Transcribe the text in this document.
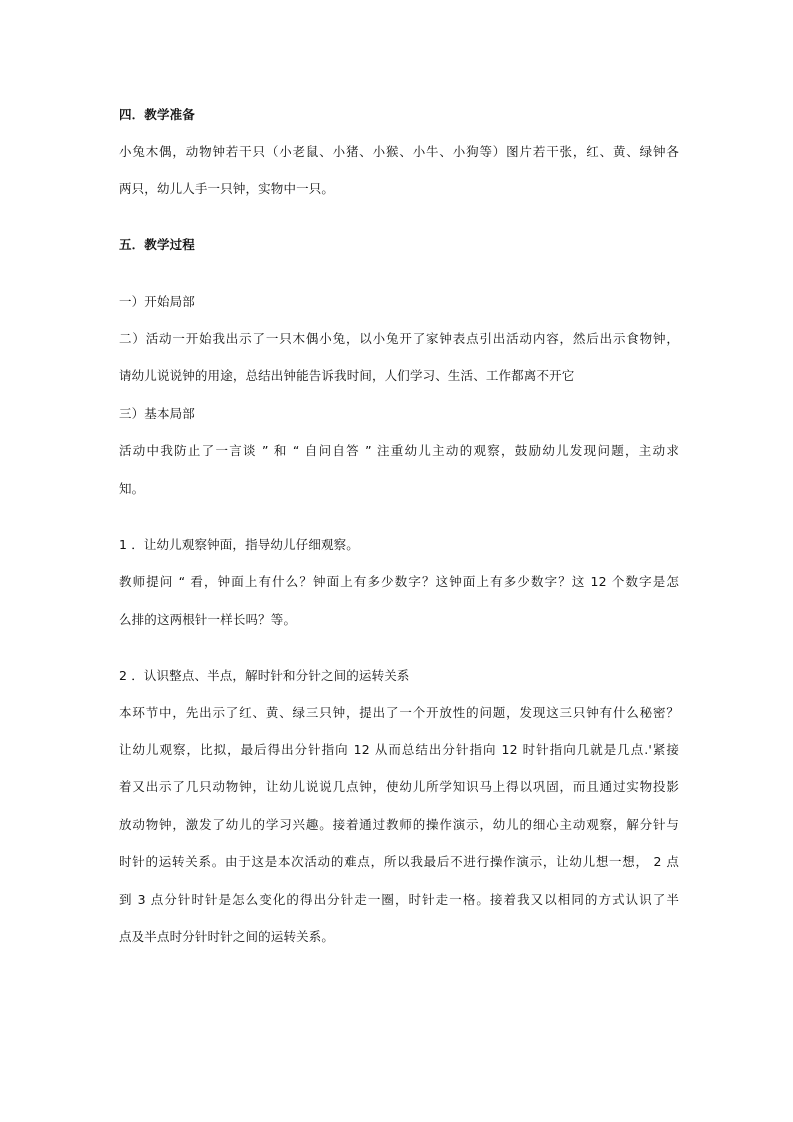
四．教学准备
小兔木偶，动物钟若干只（小老鼠、小猪、小猴、小牛、小狗等）图片若干张，红、黄、绿钟各
两只，幼儿人手一只钟，实物中一只。
五．教学过程
一）开始局部
二）活动一开始我出示了一只木偶小兔，以小兔开了家钟表点引出活动内容，然后出示食物钟，
请幼儿说说钟的用途，总结出钟能告诉我时间，人们学习、生活、工作都离不开它
三）基本局部
活动中我防止了一言谈 ” 和 “ 自问自答 ” 注重幼儿主动的观察，鼓励幼儿发现问题，主动求
知。
1 ．让幼儿观察钟面，指导幼儿仔细观察。
教师提问 “ 看，钟面上有什么？钟面上有多少数字？这钟面上有多少数字？这 12 个数字是怎
么排的这两根针一样长吗？等。
2 ．认识整点、半点，解时针和分针之间的运转关系
本环节中，先出示了红、黄、绿三只钟，提出了一个开放性的问题，发现这三只钟有什么秘密？
让幼儿观察，比拟，最后得出分针指向 12 从而总结出分针指向 12 时针指向几就是几点.'紧接
着又出示了几只动物钟，让幼儿说说几点钟，使幼儿所学知识马上得以巩固，而且通过实物投影
放动物钟，激发了幼儿的学习兴趣。接着通过教师的操作演示，幼儿的细心主动观察，解分针与
时针的运转关系。由于这是本次活动的难点，所以我最后不进行操作演示，让幼儿想一想， 2 点
到 3 点分针时针是怎么变化的得出分针走一圈，时针走一格。接着我又以相同的方式认识了半
点及半点时分针时针之间的运转关系。
